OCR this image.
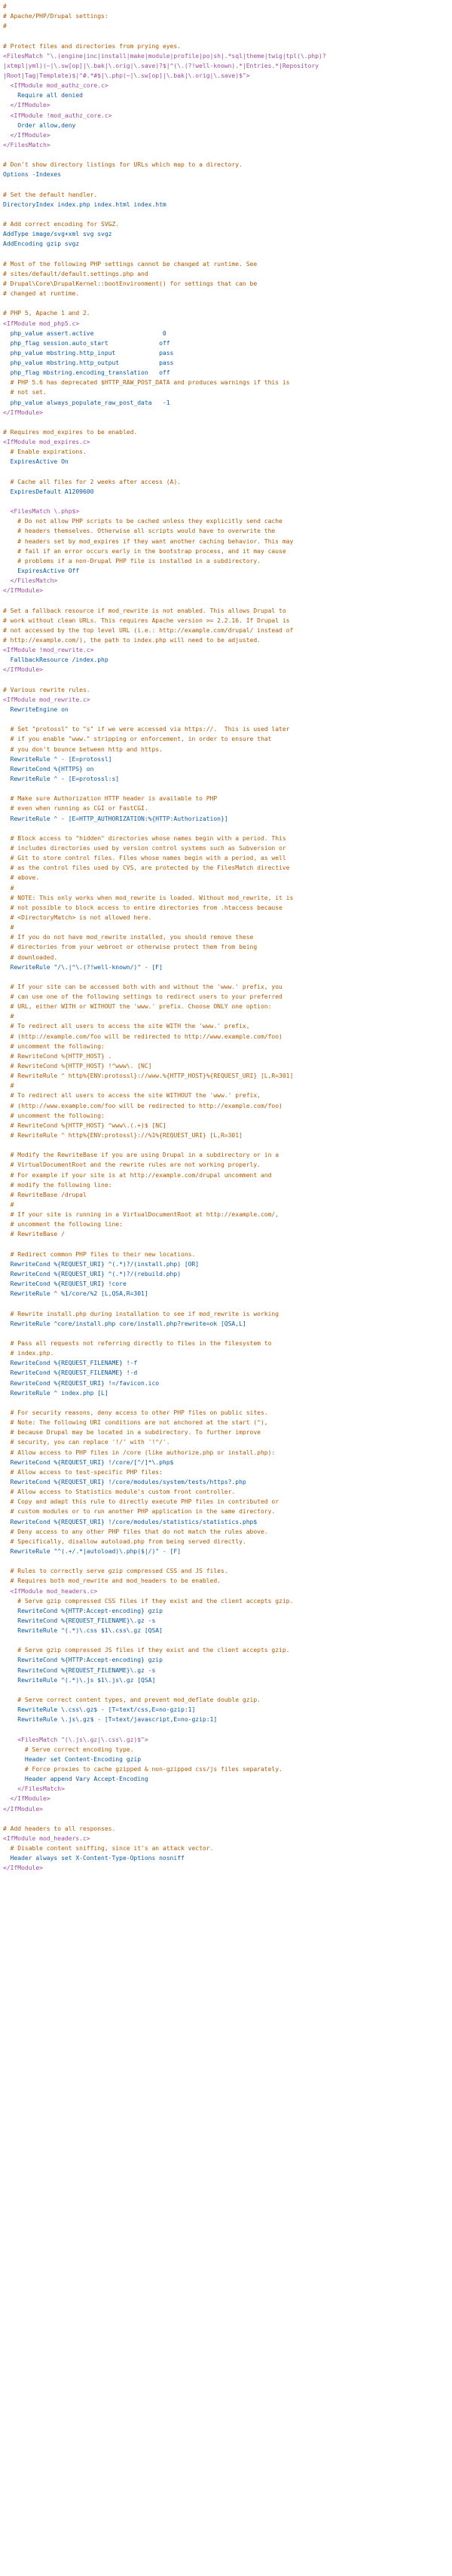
#
# Apache/PHP/Drupal settings:
#
# Protect files and directories from prying eyes.
<FilesMatch "\.(engine|inc|install|make|module|profile|po|sh|.*sql|theme|twig|tpl(\.php)?
|xtmpl|yml)(~|\.sw[op]|\.bak|\.orig|\.save)?$|^(\.(?!well-known).*|Entries.*|Repository
|Root|Tag|Template)$|^#.*#$|\.php(~|\.sw[op]|\.bak|\.orig|\.save)$">
<IfModule mod_authz_core.c>
Require all denied
</IfModule>
<IfModule !mod_authz_core.c>
Order allow,deny
</IfModule>
</FilesMatch>
# Don't show directory listings for URLs which map to a directory.
Options -Indexes
# Set the default handler.
DirectoryIndex index.php index.html index.htm
# Add correct encoding for SVGZ.
AddType image/svg+xml svg svgz
AddEncoding gzip svgz
# Most of the following PHP settings cannot be changed at runtime. See
# sites/default/default.settings.php and
# Drupal\Core\DrupalKernel::bootEnvironment() for settings that can be
# changed at runtime.
# PHP 5, Apache 1 and 2.
<IfModule mod_php5.c>
php_value assert.active                   0
php_flag session.auto_start              off
php_value mbstring.http_input            pass
php_value mbstring.http_output           pass
php_flag mbstring.encoding_translation   off
# PHP 5.6 has deprecated $HTTP_RAW_POST_DATA and produces warnings if this is
# not set.
php_value always_populate_raw_post_data   -1
</IfModule>
# Requires mod_expires to be enabled.
<IfModule mod_expires.c>
# Enable expirations.
ExpiresActive On
# Cache all files for 2 weeks after access (A).
ExpiresDefault A1209600
<FilesMatch \.php$>
# Do not allow PHP scripts to be cached unless they explicitly send cache
# headers themselves. Otherwise all scripts would have to overwrite the
# headers set by mod_expires if they want another caching behavior. This may
# fail if an error occurs early in the bootstrap process, and it may cause
# problems if a non-Drupal PHP file is installed in a subdirectory.
ExpiresActive Off
</FilesMatch>
</IfModule>
# Set a fallback resource if mod_rewrite is not enabled. This allows Drupal to
# work without clean URLs. This requires Apache version >= 2.2.16. If Drupal is
# not accessed by the top level URL (i.e.: http://example.com/drupal/ instead of
# http://example.com/), the path to index.php will need to be adjusted.
<IfModule !mod_rewrite.c>
FallbackResource /index.php
</IfModule>
# Various rewrite rules.
<IfModule mod_rewrite.c>
RewriteEngine on
# Set "protossl" to "s" if we were accessed via https://.  This is used later
# if you enable "www." stripping or enforcement, in order to ensure that
# you don't bounce between http and https.
RewriteRule ^ - [E=protossl]
RewriteCond %{HTTPS} on
RewriteRule ^ - [E=protossl:s]
# Make sure Authorization HTTP header is available to PHP
# even when running as CGI or FastCGI.
RewriteRule ^ - [E=HTTP_AUTHORIZATION:%{HTTP:Authorization}]
# Block access to "hidden" directories whose names begin with a period. This
# includes directories used by version control systems such as Subversion or
# Git to store control files. Files whose names begin with a period, as well
# as the control files used by CVS, are protected by the FilesMatch directive
# above.
#
# NOTE: This only works when mod_rewrite is loaded. Without mod_rewrite, it is
# not possible to block access to entire directories from .htaccess because
# <DirectoryMatch> is not allowed here.
#
# If you do not have mod_rewrite installed, you should remove these
# directories from your webroot or otherwise protect them from being
# downloaded.
RewriteRule "/\.|^\.(?!well-known/)" - [F]
# If your site can be accessed both with and without the 'www.' prefix, you
# can use one of the following settings to redirect users to your preferred
# URL, either WITH or WITHOUT the 'www.' prefix. Choose ONLY one option:
#
# To redirect all users to access the site WITH the 'www.' prefix,
# (http://example.com/foo will be redirected to http://www.example.com/foo)
# uncomment the following:
# RewriteCond %{HTTP_HOST} .
# RewriteCond %{HTTP_HOST} !^www\. [NC]
# RewriteRule ^ http%{ENV:protossl}://www.%{HTTP_HOST}%{REQUEST_URI} [L,R=301]
#
# To redirect all users to access the site WITHOUT the 'www.' prefix,
# (http://www.example.com/foo will be redirected to http://example.com/foo)
# uncomment the following:
# RewriteCond %{HTTP_HOST} ^www\.(.+)$ [NC]
# RewriteRule ^ http%{ENV:protossl}://%1%{REQUEST_URI} [L,R=301]
# Modify the RewriteBase if you are using Drupal in a subdirectory or in a
# VirtualDocumentRoot and the rewrite rules are not working properly.
# For example if your site is at http://example.com/drupal uncomment and
# modify the following line:
# RewriteBase /drupal
#
# If your site is running in a VirtualDocumentRoot at http://example.com/,
# uncomment the following line:
# RewriteBase /
# Redirect common PHP files to their new locations.
RewriteCond %{REQUEST_URI} ^(.*)?/(install.php) [OR]
RewriteCond %{REQUEST_URI} ^(.*)?/(rebuild.php)
RewriteCond %{REQUEST_URI} !core
RewriteRule ^ %1/core/%2 [L,QSA,R=301]
# Rewrite install.php during installation to see if mod_rewrite is working
RewriteRule ^core/install.php core/install.php?rewrite=ok [QSA,L]
# Pass all requests not referring directly to files in the filesystem to
# index.php.
RewriteCond %{REQUEST_FILENAME} !-f
RewriteCond %{REQUEST_FILENAME} !-d
RewriteCond %{REQUEST_URI} !=/favicon.ico
RewriteRule ^ index.php [L]
# For security reasons, deny access to other PHP files on public sites.
# Note: The following URI conditions are not anchored at the start (^),
# because Drupal may be located in a subdirectory. To further improve
# security, you can replace '!/' with '!^/'.
# Allow access to PHP files in /core (like authorize.php or install.php):
RewriteCond %{REQUEST_URI} !/core/[^/]*\.php$
# Allow access to test-specific PHP files:
RewriteCond %{REQUEST_URI} !/core/modules/system/tests/https?.php
# Allow access to Statistics module's custom front controller.
# Copy and adapt this rule to directly execute PHP files in contributed or
# custom modules or to run another PHP application in the same directory.
RewriteCond %{REQUEST_URI} !/core/modules/statistics/statistics.php$
# Deny access to any other PHP files that do not match the rules above.
# Specifically, disallow autoload.php from being served directly.
RewriteRule "^(.+/.*|autoload)\.php($|/)" - [F]
# Rules to correctly serve gzip compressed CSS and JS files.
# Requires both mod_rewrite and mod_headers to be enabled.
<IfModule mod_headers.c>
# Serve gzip compressed CSS files if they exist and the client accepts gzip.
RewriteCond %{HTTP:Accept-encoding} gzip
RewriteCond %{REQUEST_FILENAME}\.gz -s
RewriteRule ^(.*)\.css $1\.css\.gz [QSA]
# Serve gzip compressed JS files if they exist and the client accepts gzip.
RewriteCond %{HTTP:Accept-encoding} gzip
RewriteCond %{REQUEST_FILENAME}\.gz -s
RewriteRule ^(.*)\.js $1\.js\.gz [QSA]
# Serve correct content types, and prevent mod_deflate double gzip.
RewriteRule \.css\.gz$ - [T=text/css,E=no-gzip:1]
RewriteRule \.js\.gz$ - [T=text/javascript,E=no-gzip:1]
<FilesMatch "(\.js\.gz|\.css\.gz)$">
# Serve correct encoding type.
Header set Content-Encoding gzip
# Force proxies to cache gzipped & non-gzipped css/js files separately.
Header append Vary Accept-Encoding
</FilesMatch>
</IfModule>
</IfModule>
# Add headers to all responses.
<IfModule mod_headers.c>
# Disable content sniffing, since it's an attack vector.
Header always set X-Content-Type-Options nosniff
</IfModule>
